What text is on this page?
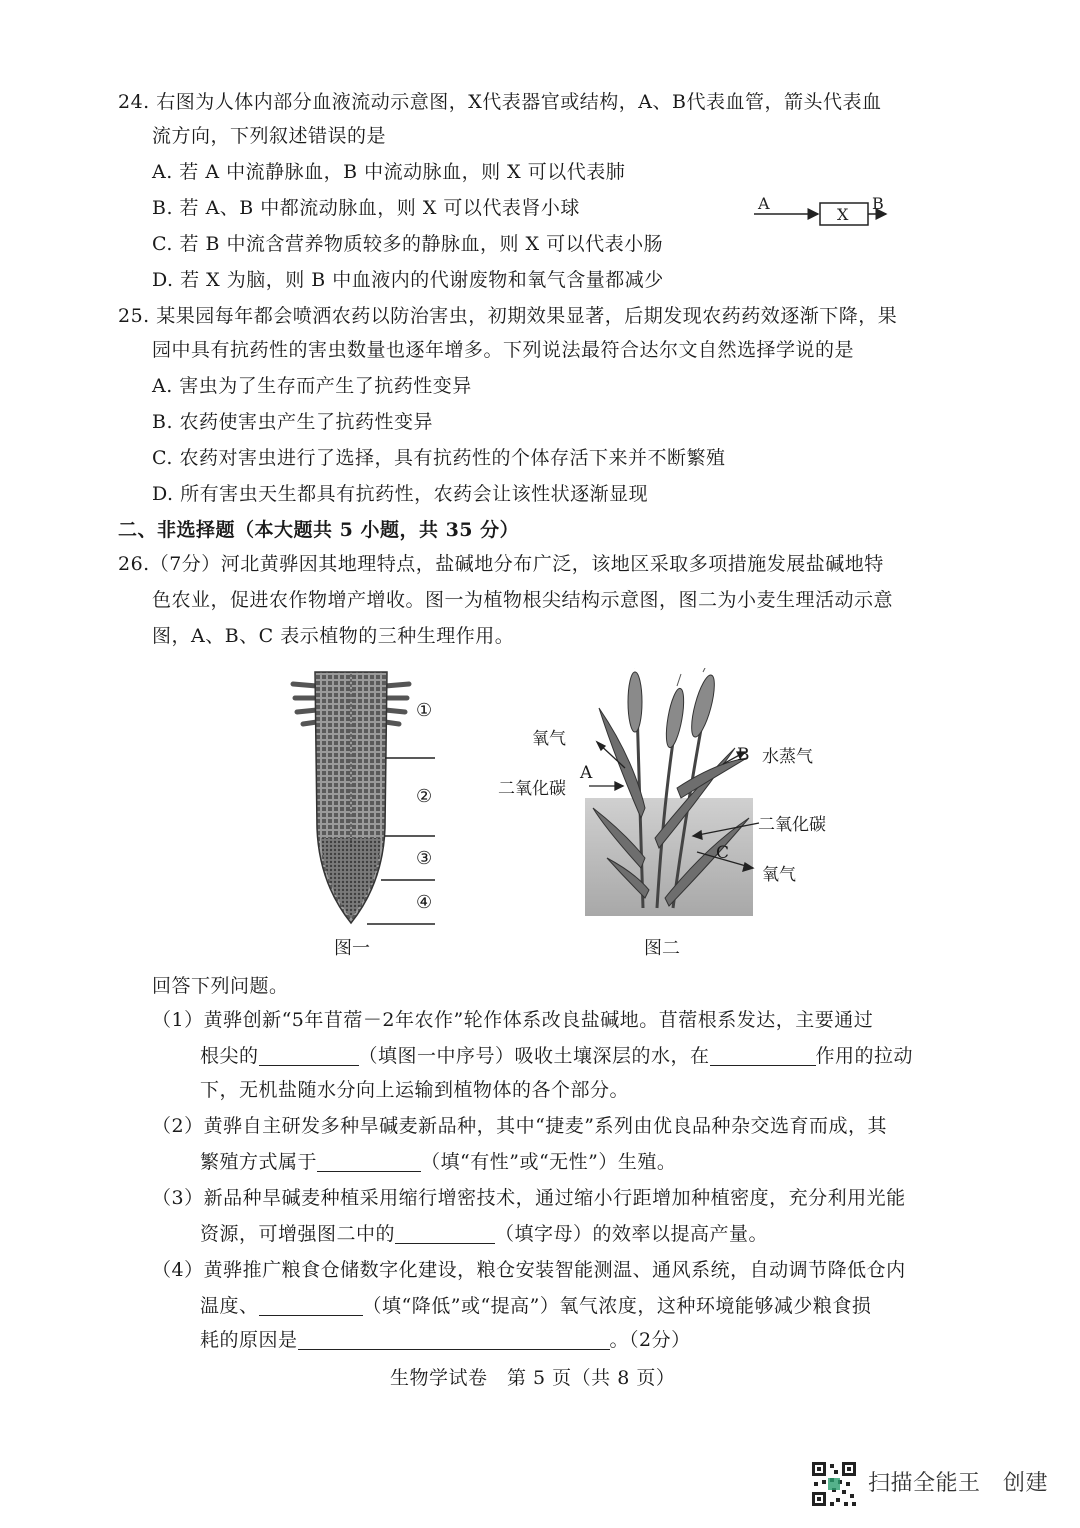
24. 右图为人体内部分血液流动示意图，X代表器官或结构，A、B代表血管，箭头代表血
流方向，下列叙述错误的是
A. 若 A 中流静脉血，B 中流动脉血，则 X 可以代表肺
B. 若 A、B 中都流动脉血，则 X 可以代表肾小球
C. 若 B 中流含营养物质较多的静脉血，则 X 可以代表小肠
D. 若 X 为脑，则 B 中血液内的代谢废物和氧气含量都减少
A
X
B
25. 某果园每年都会喷洒农药以防治害虫，初期效果显著，后期发现农药药效逐渐下降，果
园中具有抗药性的害虫数量也逐年增多。下列说法最符合达尔文自然选择学说的是
A. 害虫为了生存而产生了抗药性变异
B. 农药使害虫产生了抗药性变异
C. 农药对害虫进行了选择，具有抗药性的个体存活下来并不断繁殖
D. 所有害虫天生都具有抗药性，农药会让该性状逐渐显现
二、非选择题（本大题共 5 小题，共 35 分）
26.（7分）河北黄骅因其地理特点，盐碱地分布广泛，该地区采取多项措施发展盐碱地特
色农业，促进农作物增产增收。图一为植物根尖结构示意图，图二为小麦生理活动示意
图，A、B、C 表示植物的三种生理作用。
①
②
③
④
图一
氧气
二氧化碳
A
B 水蒸气
二氧化碳
C
氧气
图二
回答下列问题。
（1）黄骅创新“5年苜蓿－2年农作”轮作体系改良盐碱地。苜蓿根系发达，主要通过
根尖的	（填图一中序号）吸收土壤深层的水，在	作用的拉动
下，无机盐随水分向上运输到植物体的各个部分。
（2）黄骅自主研发多种旱碱麦新品种，其中“捷麦”系列由优良品种杂交选育而成，其
繁殖方式属于	（填“有性”或“无性”）生殖。
（3）新品种旱碱麦种植采用缩行增密技术，通过缩小行距增加种植密度，充分利用光能
资源，可增强图二中的	（填字母）的效率以提高产量。
（4）黄骅推广粮食仓储数字化建设，粮仓安装智能测温、通风系统，自动调节降低仓内
温度、	（填“降低”或“提高”）氧气浓度，这种环境能够减少粮食损
耗的原因是	。（2分）
生物学试卷　第 5 页（共 8 页）
扫描全能王　创建
